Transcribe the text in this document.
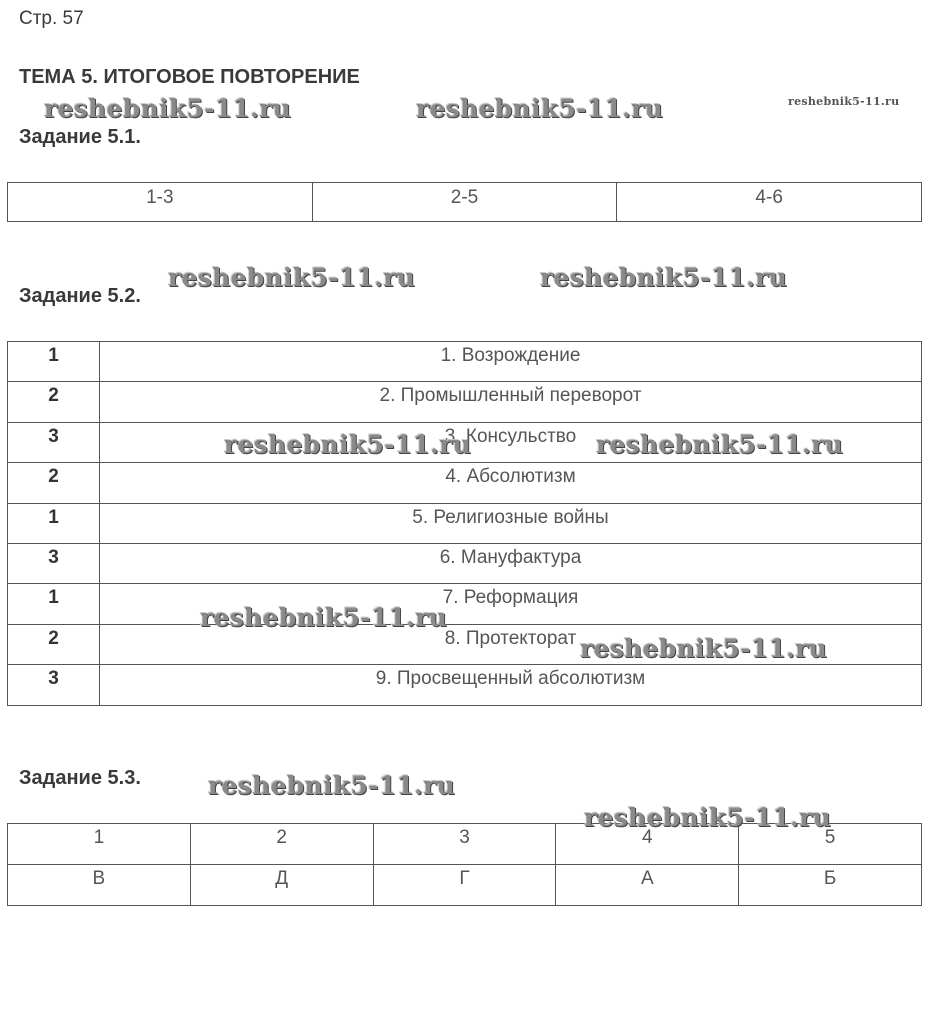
Стр. 57
ТЕМА 5. ИТОГОВОЕ ПОВТОРЕНИЕ
Задание 5.1.
1-3	2-5	4-6
Задание 5.2.
1	1. Возрождение
2	2. Промышленный переворот
3	3. Консульство
2	4. Абсолютизм
1	5. Религиозные войны
3	6. Мануфактура
1	7. Реформация
2	8. Протекторат
3	9. Просвещенный абсолютизм
Задание 5.3.
1	2	3	4	5
В	Д	Г	А	Б
reshebnik5-11.ru	reshebnik5-11.ru	reshebnik5-11.ru
reshebnik5-11.ru	reshebnik5-11.ru
reshebnik5-11.ru	reshebnik5-11.ru
reshebnik5-11.ru
reshebnik5-11.ru
reshebnik5-11.ru
reshebnik5-11.ru
